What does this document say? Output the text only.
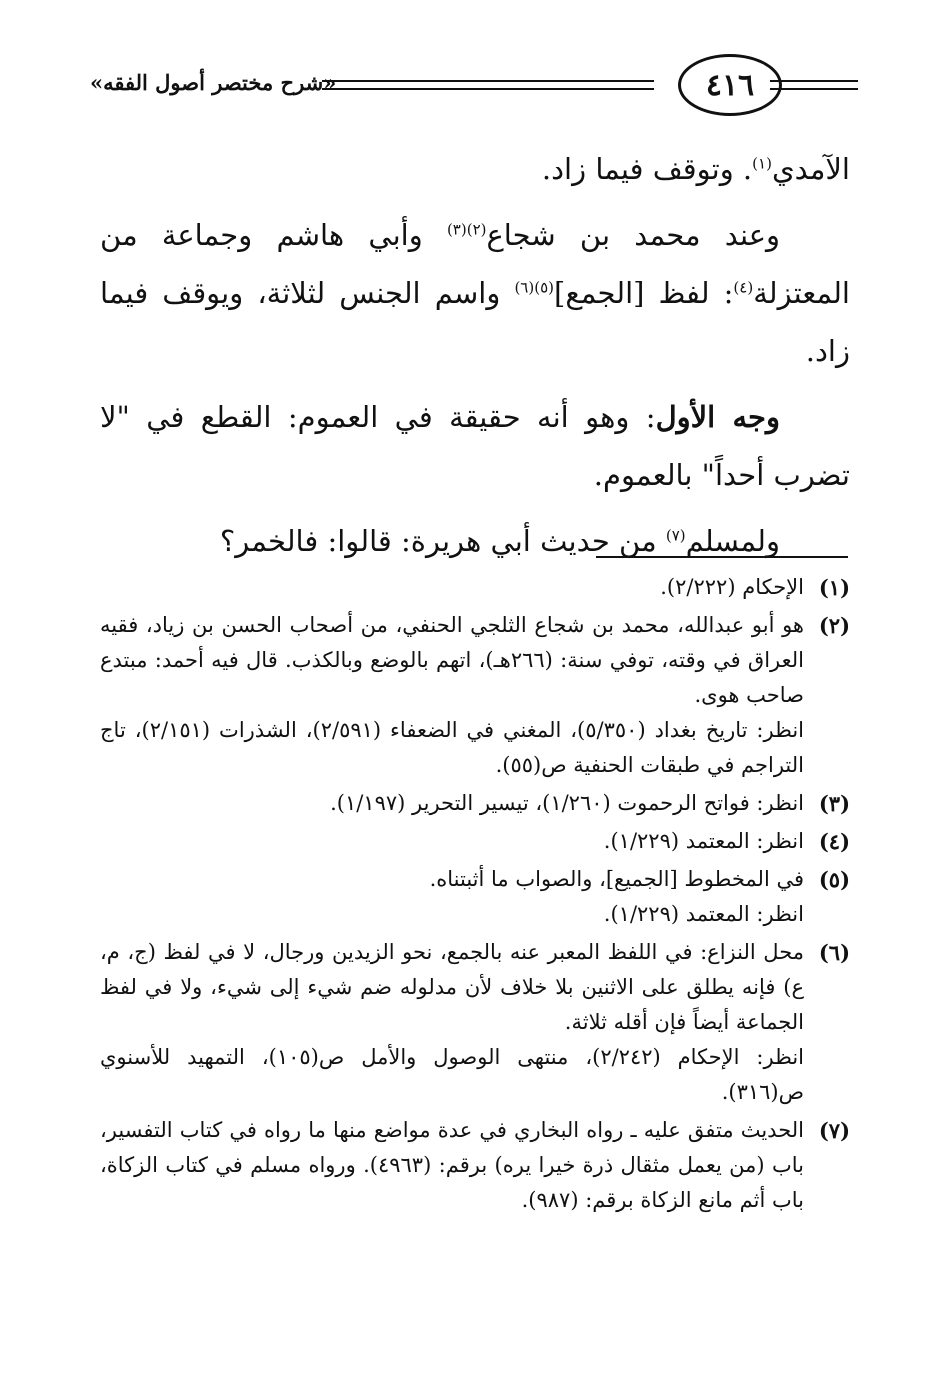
«شرح مختصر أصول الفقه»	٤١٦

الآمدي$^{(١)}$. وتوقف فيما زاد.

وعند محمد بن شجاع$^{(٢)(٣)}$ وأبي هاشم وجماعة من المعتزلة$^{(٤)}$: لفظ [الجمع]$^{(٥)(٦)}$ واسم الجنس لثلاثة، ويوقف فيما زاد.

وجه الأول: وهو أنه حقيقة في العموم: القطع في "لا تضرب أحداً" بالعموم.

ولمسلم$^{(٧)}$ من حديث أبي هريرة: قالوا: فالخمر؟

(١)

الإحكام (٢/٢٢٢).

(٢)

هو أبو عبدالله، محمد بن شجاع الثلجي الحنفي، من أصحاب الحسن بن زياد، فقيه العراق في وقته، توفي سنة: (٢٦٦هـ)، اتهم بالوضع وبالكذب. قال فيه أحمد: مبتدع صاحب هوى.

انظر: تاريخ بغداد (٥/٣٥٠)، المغني في الضعفاء (٢/٥٩١)، الشذرات (٢/١٥١)، تاج التراجم في طبقات الحنفية ص(٥٥).

(٣)

انظر: فواتح الرحموت (١/٢٦٠)، تيسير التحرير (١/١٩٧).

(٤)

انظر: المعتمد (١/٢٢٩).

(٥)

في المخطوط [الجميع]، والصواب ما أثبتناه.

انظر: المعتمد (١/٢٢٩).

(٦)

محل النزاع: في اللفظ المعبر عنه بالجمع، نحو الزيدين ورجال، لا في لفظ (ج، م، ع) فإنه يطلق على الاثنين بلا خلاف لأن مدلوله ضم شيء إلى شيء، ولا في لفظ الجماعة أيضاً فإن أقله ثلاثة.

انظر: الإحكام (٢/٢٤٢)، منتهى الوصول والأمل ص(١٠٥)، التمهيد للأسنوي ص(٣١٦).

(٧)

الحديث متفق عليه ـ رواه البخاري في عدة مواضع منها ما رواه في كتاب التفسير، باب (من يعمل مثقال ذرة خيرا يره) برقم: (٤٩٦٣). ورواه مسلم في كتاب الزكاة، باب أثم مانع الزكاة برقم: (٩٨٧).
